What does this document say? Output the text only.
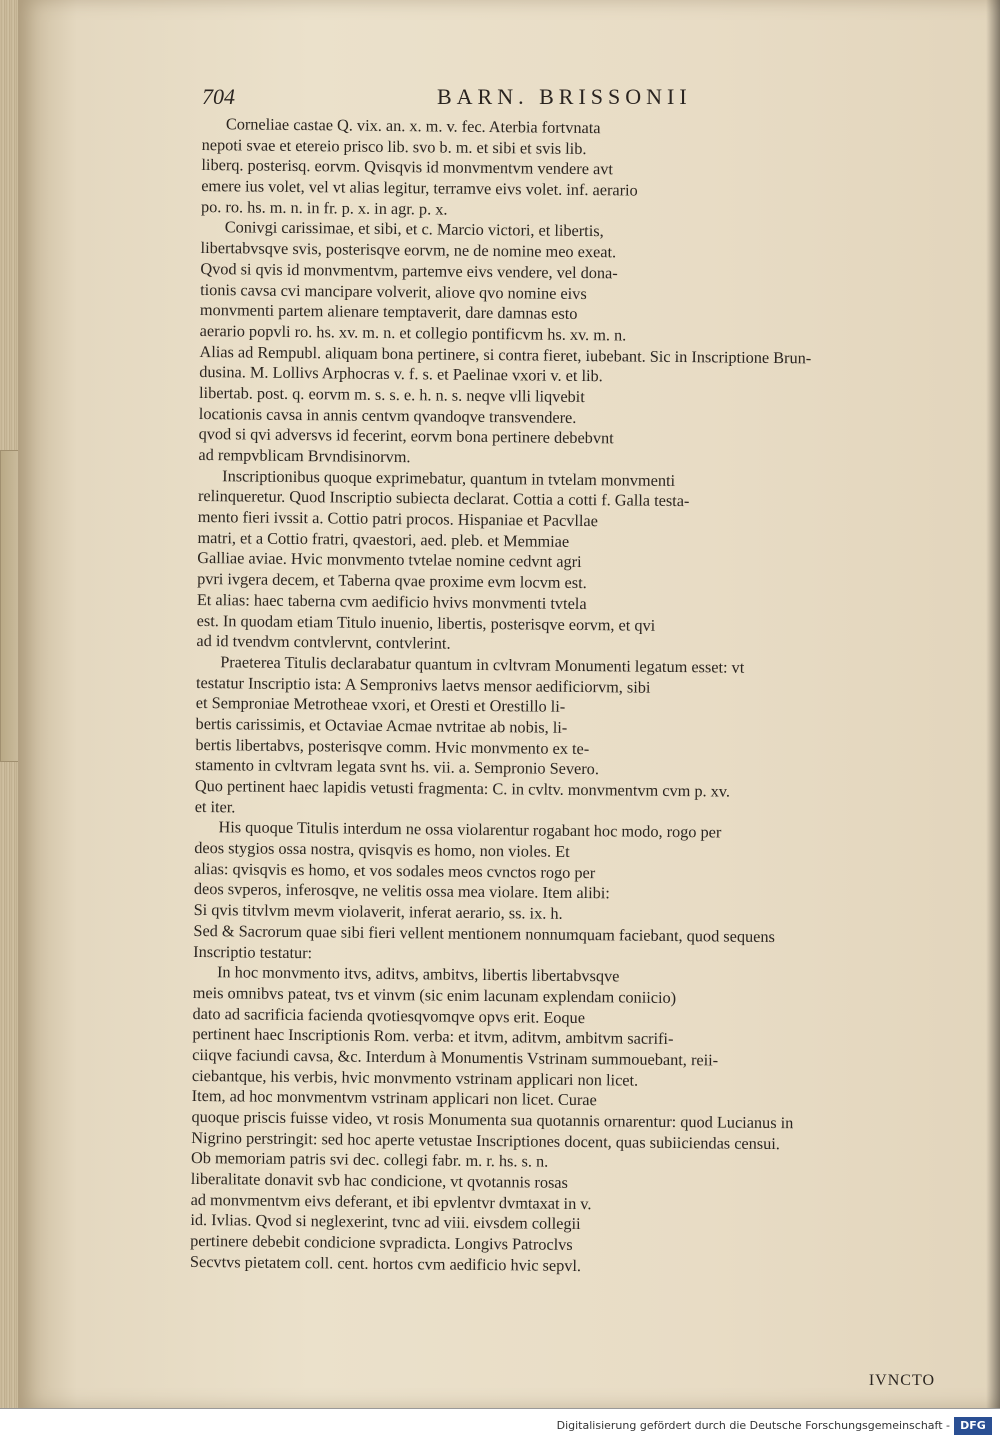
704	BARN. BRISSONII
Corneliae castae Q. vix. an. x. m. v. fec. Aterbia fortvnata
nepoti svae et etereio prisco lib. svo b. m. et sibi et svis lib.
liberq. posterisq. eorvm. Qvisqvis id monvmentvm vendere avt
emere ius volet, vel vt alias legitur, terramve eivs volet. inf. aerario
po. ro. hs. m. n. in fr. p. x. in agr. p. x.
Conivgi carissimae, et sibi, et c. Marcio victori, et libertis,
libertabvsqve svis, posterisqve eorvm, ne de nomine meo exeat.
Qvod si qvis id monvmentvm, partemve eivs vendere, vel dona-
tionis cavsa cvi mancipare volverit, aliove qvo nomine eivs
monvmenti partem alienare temptaverit, dare damnas esto
aerario popvli ro. hs. xv. m. n. et collegio pontificvm hs. xv. m. n.
Alias ad Rempubl. aliquam bona pertinere, si contra fieret, iubebant. Sic in Inscriptione Brun-
dusina. M. Lollivs Arphocras v. f. s. et Paelinae vxori v. et lib.
libertab. post. q. eorvm m. s. s. e. h. n. s. neqve vlli liqvebit
locationis cavsa in annis centvm qvandoqve transvendere.
qvod si qvi adversvs id fecerint, eorvm bona pertinere debebvnt
ad rempvblicam Brvndisinorvm.
Inscriptionibus quoque exprimebatur, quantum in tvtelam monvmenti
relinqueretur. Quod Inscriptio subiecta declarat. Cottia a cotti f. Galla testa-
mento fieri ivssit a. Cottio patri procos. Hispaniae et Pacvllae
matri, et a Cottio fratri, qvaestori, aed. pleb. et Memmiae
Galliae aviae. Hvic monvmento tvtelae nomine cedvnt agri
pvri ivgera decem, et Taberna qvae proxime evm locvm est.
Et alias: haec taberna cvm aedificio hvivs monvmenti tvtela
est. In quodam etiam Titulo inuenio, libertis, posterisqve eorvm, et qvi
ad id tvendvm contvlervnt, contvlerint.
Praeterea Titulis declarabatur quantum in cvltvram Monumenti legatum esset: vt
testatur Inscriptio ista: A Sempronivs laetvs mensor aedificiorvm, sibi
et Semproniae Metrotheae vxori, et Oresti et Orestillo li-
bertis carissimis, et Octaviae Acmae nvtritae ab nobis, li-
bertis libertabvs, posterisqve comm. Hvic monvmento ex te-
stamento in cvltvram legata svnt hs. vii. a. Sempronio Severo.
Quo pertinent haec lapidis vetusti fragmenta: C. in cvltv. monvmentvm cvm p. xv.
et iter.
His quoque Titulis interdum ne ossa violarentur rogabant hoc modo, rogo per
deos stygios ossa nostra, qvisqvis es homo, non violes. Et
alias: qvisqvis es homo, et vos sodales meos cvnctos rogo per
deos svperos, inferosqve, ne velitis ossa mea violare. Item alibi:
Si qvis titvlvm mevm violaverit, inferat aerario, ss. ix. h.
Sed & Sacrorum quae sibi fieri vellent mentionem nonnumquam faciebant, quod sequens
Inscriptio testatur:
In hoc monvmento itvs, aditvs, ambitvs, libertis libertabvsqve
meis omnibvs pateat, tvs et vinvm (sic enim lacunam explendam coniicio)
dato ad sacrificia facienda qvotiesqvomqve opvs erit. Eoque
pertinent haec Inscriptionis Rom. verba: et itvm, aditvm, ambitvm sacrifi-
ciiqve faciundi cavsa, &c. Interdum à Monumentis Vstrinam summouebant, reii-
ciebantque, his verbis, hvic monvmento vstrinam applicari non licet.
Item, ad hoc monvmentvm vstrinam applicari non licet. Curae
quoque priscis fuisse video, vt rosis Monumenta sua quotannis ornarentur: quod Lucianus in
Nigrino perstringit: sed hoc aperte vetustae Inscriptiones docent, quas subiiciendas censui.
Ob memoriam patris svi dec. collegi fabr. m. r. hs. s. n.
liberalitate donavit svb hac condicione, vt qvotannis rosas
ad monvmentvm eivs deferant, et ibi epvlentvr dvmtaxat in v.
id. Ivlias. Qvod si neglexerint, tvnc ad viii. eivsdem collegii
pertinere debebit condicione svpradicta. Longivs Patroclvs
Secvtvs pietatem coll. cent. hortos cvm aedificio hvic sepvl.
IVNCTO
Digitalisierung gefördert durch die Deutsche Forschungsgemeinschaft - DFG
